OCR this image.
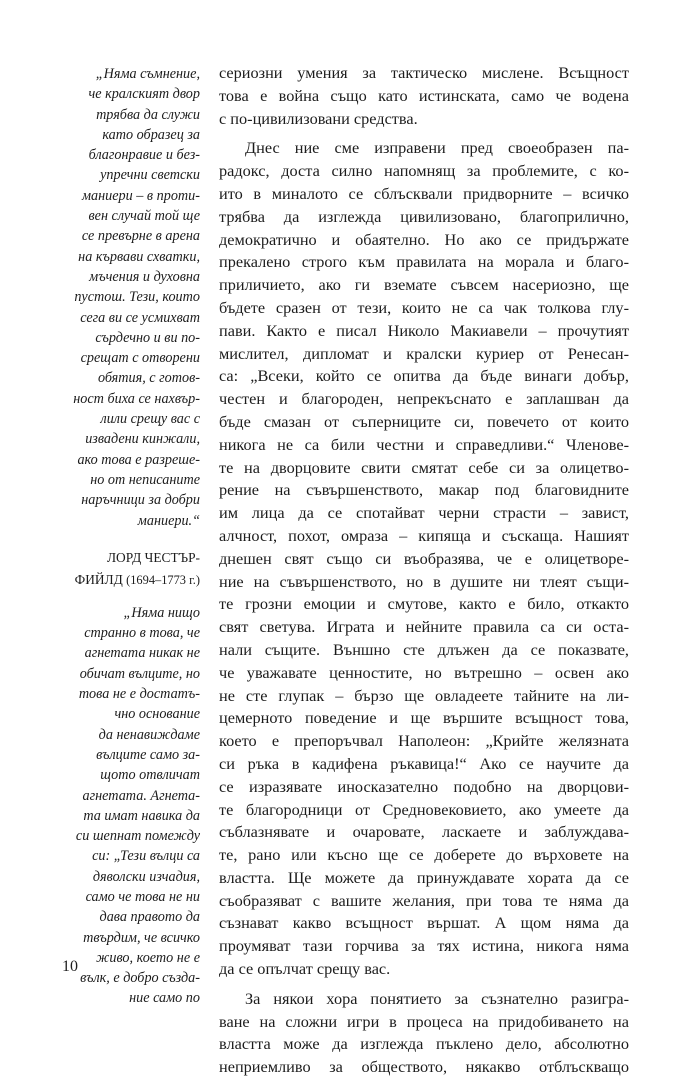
„Няма съмнение,
че кралският двор
трябва да служи
като образец за
благонравие и без-
упречни светски
маниери – в проти-
вен случай той ще
се превърне в арена
на кървави схватки,
мъчения и духовна
пустош. Тези, които
сега ви се усмихват
сърдечно и ви по-
срещат с отворени
обятия, с готов-
ност биха се нахвър-
лили срещу вас с
извадени кинжали,
ако това е разреше-
но от неписаните
наръчници за добри
маниери.“

ЛОРД ЧЕСТЪР-
ФИЙЛД (1694–1773 г.)

„Няма нищо
странно в това, че
агнетата никак не
обичат вълците, но
това не е достатъ-
чно основание
да ненавиждаме
вълците само за-
щото отвличат
агнетата. Агнета-
та имат навика да
си шепнат помежду
си: „Тези вълци са
дяволски изчадия,
само че това не ни
дава правото да
твърдим, че всичко
живо, което не е
вълк, е добро създа-
ние само по

сериозни умения за тактическо мислене. Всъщност
това е война също като истинската, само че водена
с по-цивилизовани средства.

Днес ние сме изправени пред своеобразен па-
радокс, доста силно напомнящ за проблемите, с ко-
ито в миналото се сблъсквали придворните – всичко
трябва да изглежда цивилизовано, благоприлично,
демократично и обаятелно. Но ако се придържате
прекалено строго към правилата на морала и благо-
приличието, ако ги вземате съвсем насериозно, ще
бъдете сразен от тези, които не са чак толкова глу-
пави. Както е писал Николо Макиавели – прочутият
мислител, дипломат и кралски куриер от Ренесан-
са: „Всеки, който се опитва да бъде винаги добър,
честен и благороден, непрекъснато е заплашван да
бъде смазан от съперниците си, повечето от които
никога не са били честни и справедливи.“ Членове-
те на дворцовите свити смятат себе си за олицетво-
рение на съвършенството, макар под благовидните
им лица да се спотайват черни страсти – завист,
алчност, похот, омраза – кипяща и съскаща. Нашият
днешен свят също си въобразява, че е олицетворе-
ние на съвършенството, но в душите ни тлеят същи-
те грозни емоции и смутове, както е било, откакто
свят светува. Играта и нейните правила са си оста-
нали същите. Външно сте длъжен да се показвате,
че уважавате ценностите, но вътрешно – освен ако
не сте глупак – бързо ще овладеете тайните на ли-
цемерното поведение и ще вършите всъщност това,
което е препоръчвал Наполеон: „Крийте желязната
си ръка в кадифена ръкавица!“ Ако се научите да
се изразявате иносказателно подобно на дворцови-
те благородници от Средновековието, ако умеете да
съблазнявате и очаровате, ласкаете и заблуждава-
те, рано или късно ще се доберете до върховете на
властта. Ще можете да принуждавате хората да се
съобразяват с вашите желания, при това те няма да
съзнават какво всъщност вършат. А щом няма да
проумяват тази горчива за тях истина, никога няма
да се опълчат срещу вас.

За някои хора понятието за съзнателно разигра-
ване на сложни игри в процеса на придобиването на
властта може да изглежда пъклено дело, абсолютно
неприемливо за обществото, някакво отблъскващо

10
